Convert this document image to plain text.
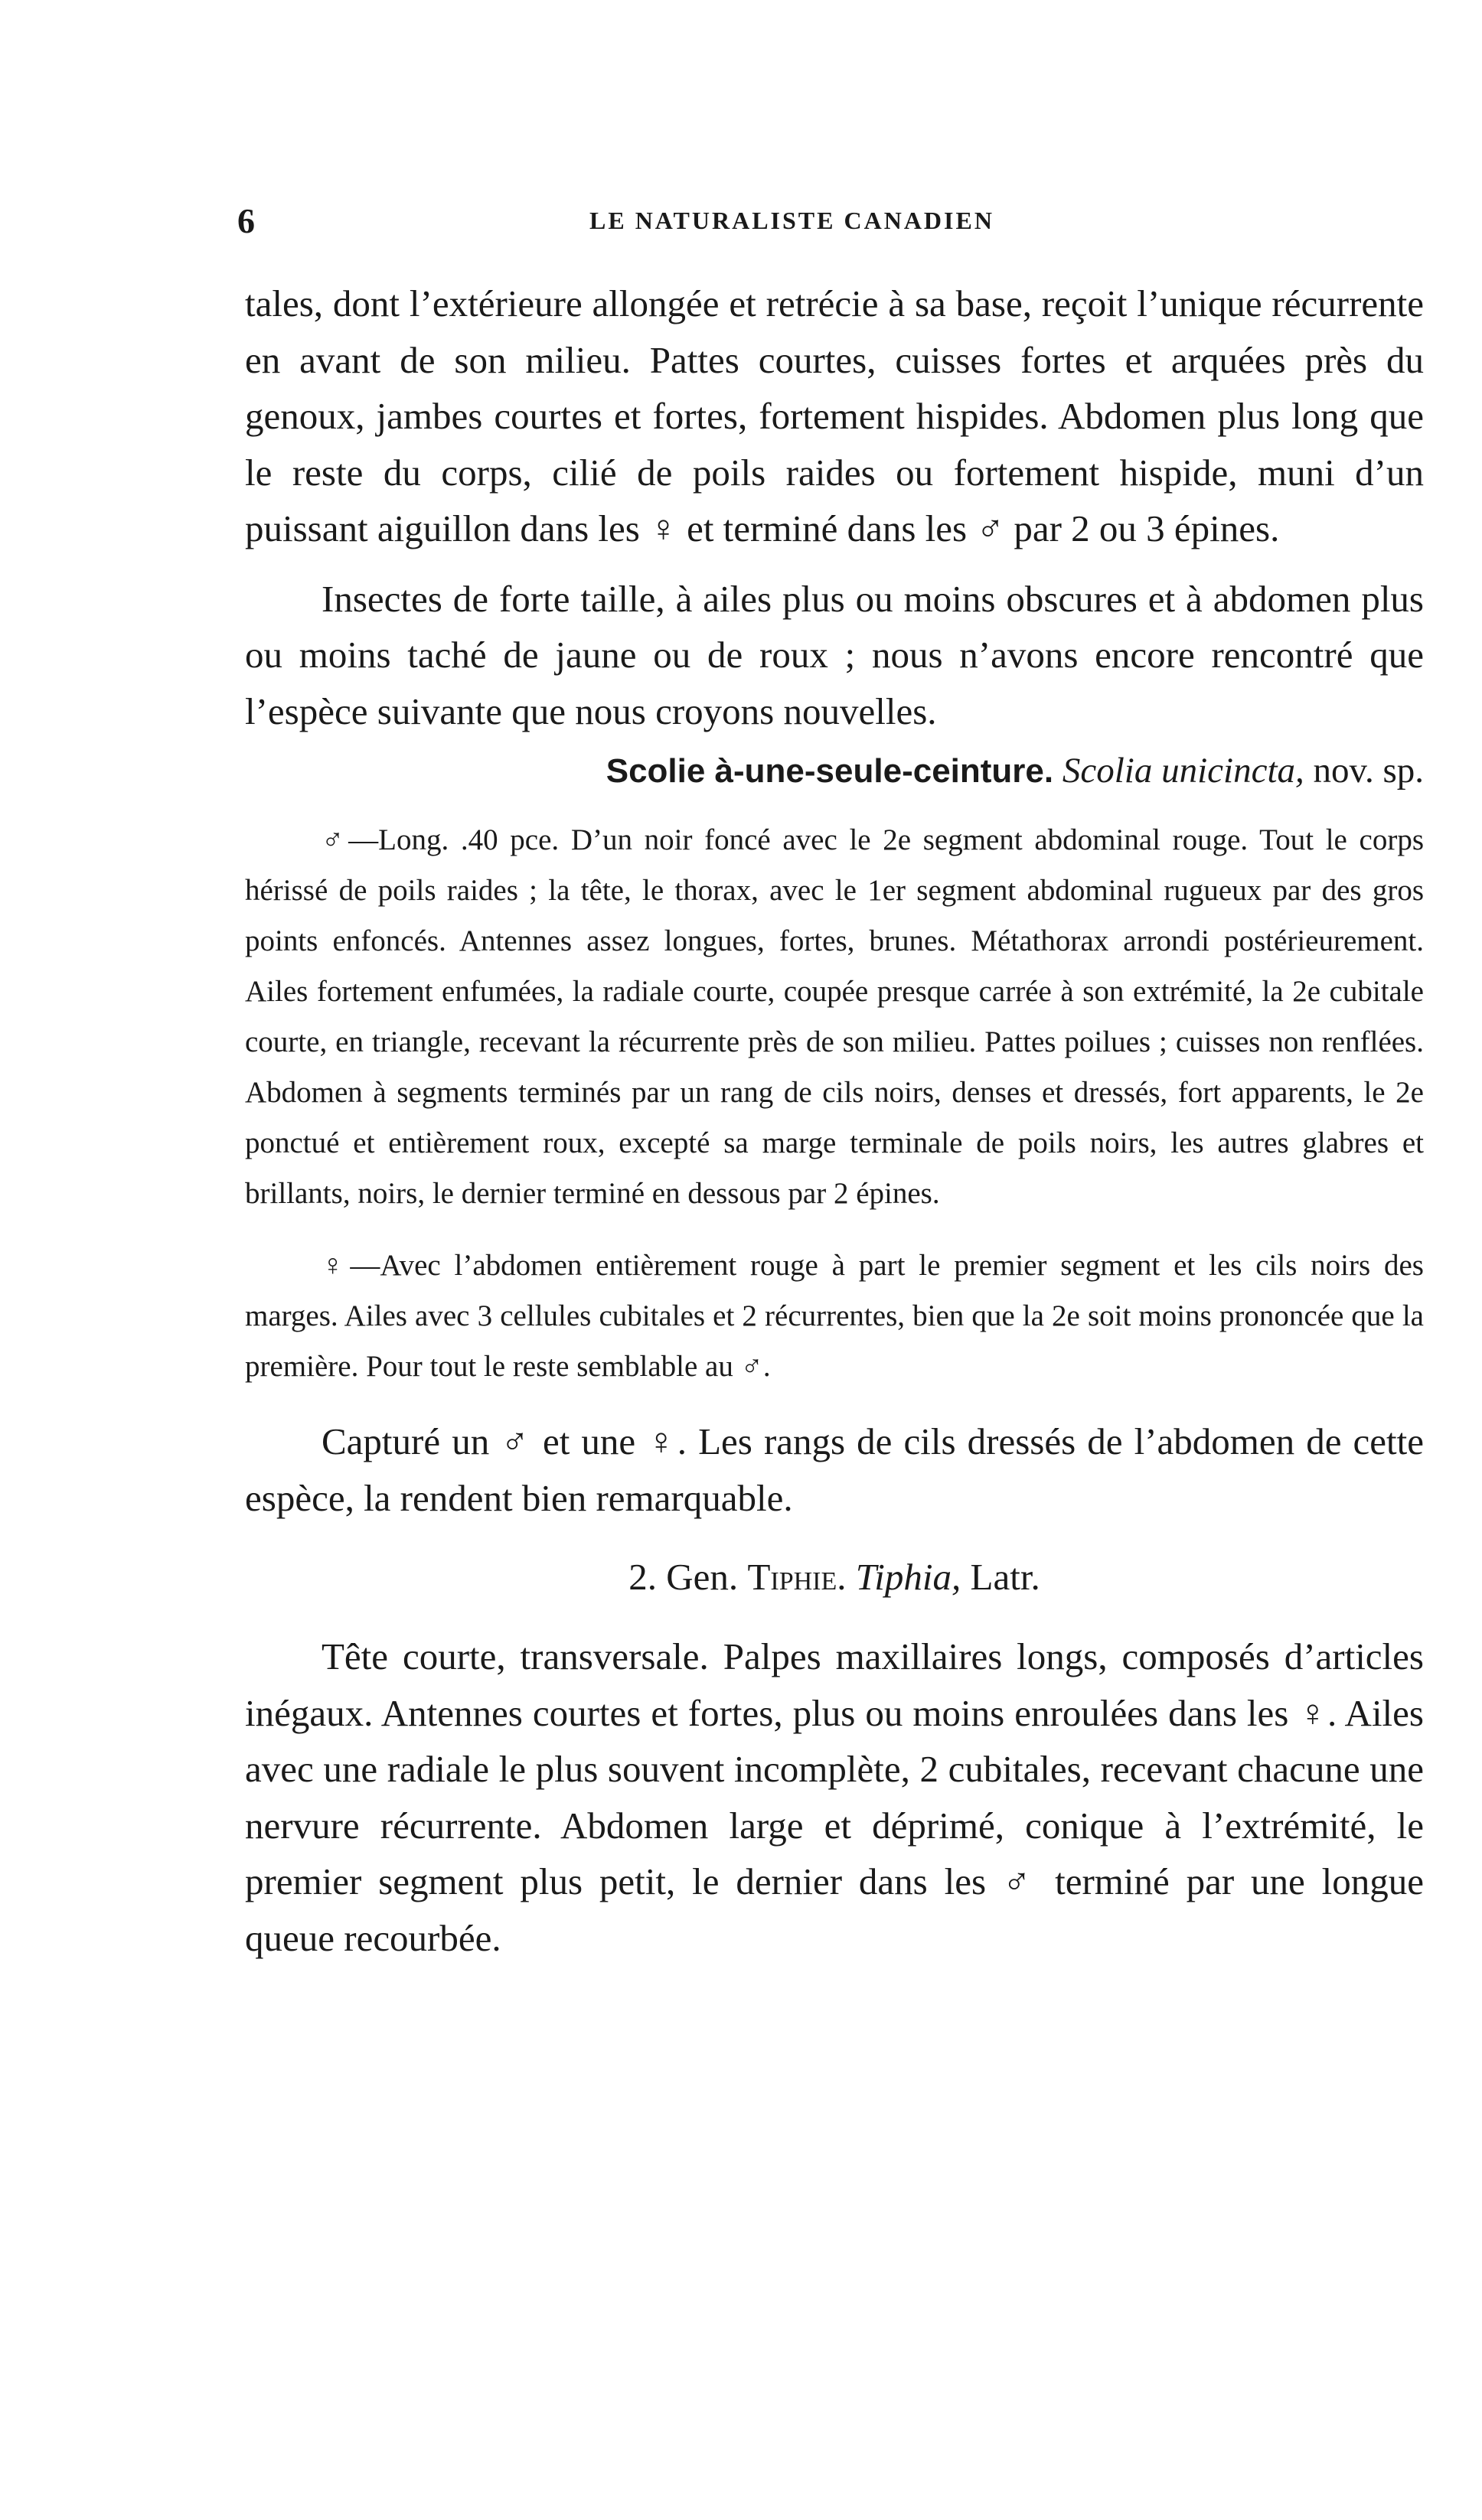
6	LE NATURALISTE CANADIEN

tales, dont l’extérieure allongée et retrécie à sa base, reçoit l’unique récurrente en avant de son milieu. Pattes courtes, cuisses fortes et arquées près du genoux, jambes courtes et fortes, fortement hispides. Abdomen plus long que le reste du corps, cilié de poils raides ou fortement hispide, muni d’un puissant aiguillon dans les ♀ et terminé dans les ♂ par 2 ou 3 épines.

Insectes de forte taille, à ailes plus ou moins obscures et à abdomen plus ou moins taché de jaune ou de roux ; nous n’avons encore rencontré que l’espèce suivante que nous croyons nouvelles.

Scolie à-une-seule-ceinture. Scolia unicincta, nov. sp.

♂—Long. .40 pce. D’un noir foncé avec le 2e segment abdominal rouge. Tout le corps hérissé de poils raides ; la tête, le thorax, avec le 1er segment abdominal rugueux par des gros points enfoncés. Antennes assez longues, fortes, brunes. Métathorax arrondi postérieurement. Ailes fortement enfumées, la radiale courte, coupée presque carrée à son extrémité, la 2e cubitale courte, en triangle, recevant la récurrente près de son milieu. Pattes poilues ; cuisses non renflées. Abdomen à segments terminés par un rang de cils noirs, denses et dressés, fort apparents, le 2e ponctué et entièrement roux, excepté sa marge terminale de poils noirs, les autres glabres et brillants, noirs, le dernier terminé en dessous par 2 épines.

♀—Avec l’abdomen entièrement rouge à part le premier segment et les cils noirs des marges. Ailes avec 3 cellules cubitales et 2 récurrentes, bien que la 2e soit moins prononcée que la première. Pour tout le reste semblable au ♂.

Capturé un ♂ et une ♀. Les rangs de cils dressés de l’abdomen de cette espèce, la rendent bien remarquable.

2. Gen. Tiphie. Tiphia, Latr.

Tête courte, transversale. Palpes maxillaires longs, composés d’articles inégaux. Antennes courtes et fortes, plus ou moins enroulées dans les ♀. Ailes avec une radiale le plus souvent incomplète, 2 cubitales, recevant chacune une nervure récurrente. Abdomen large et déprimé, conique à l’extrémité, le premier segment plus petit, le dernier dans les ♂ terminé par une longue queue recourbée.
